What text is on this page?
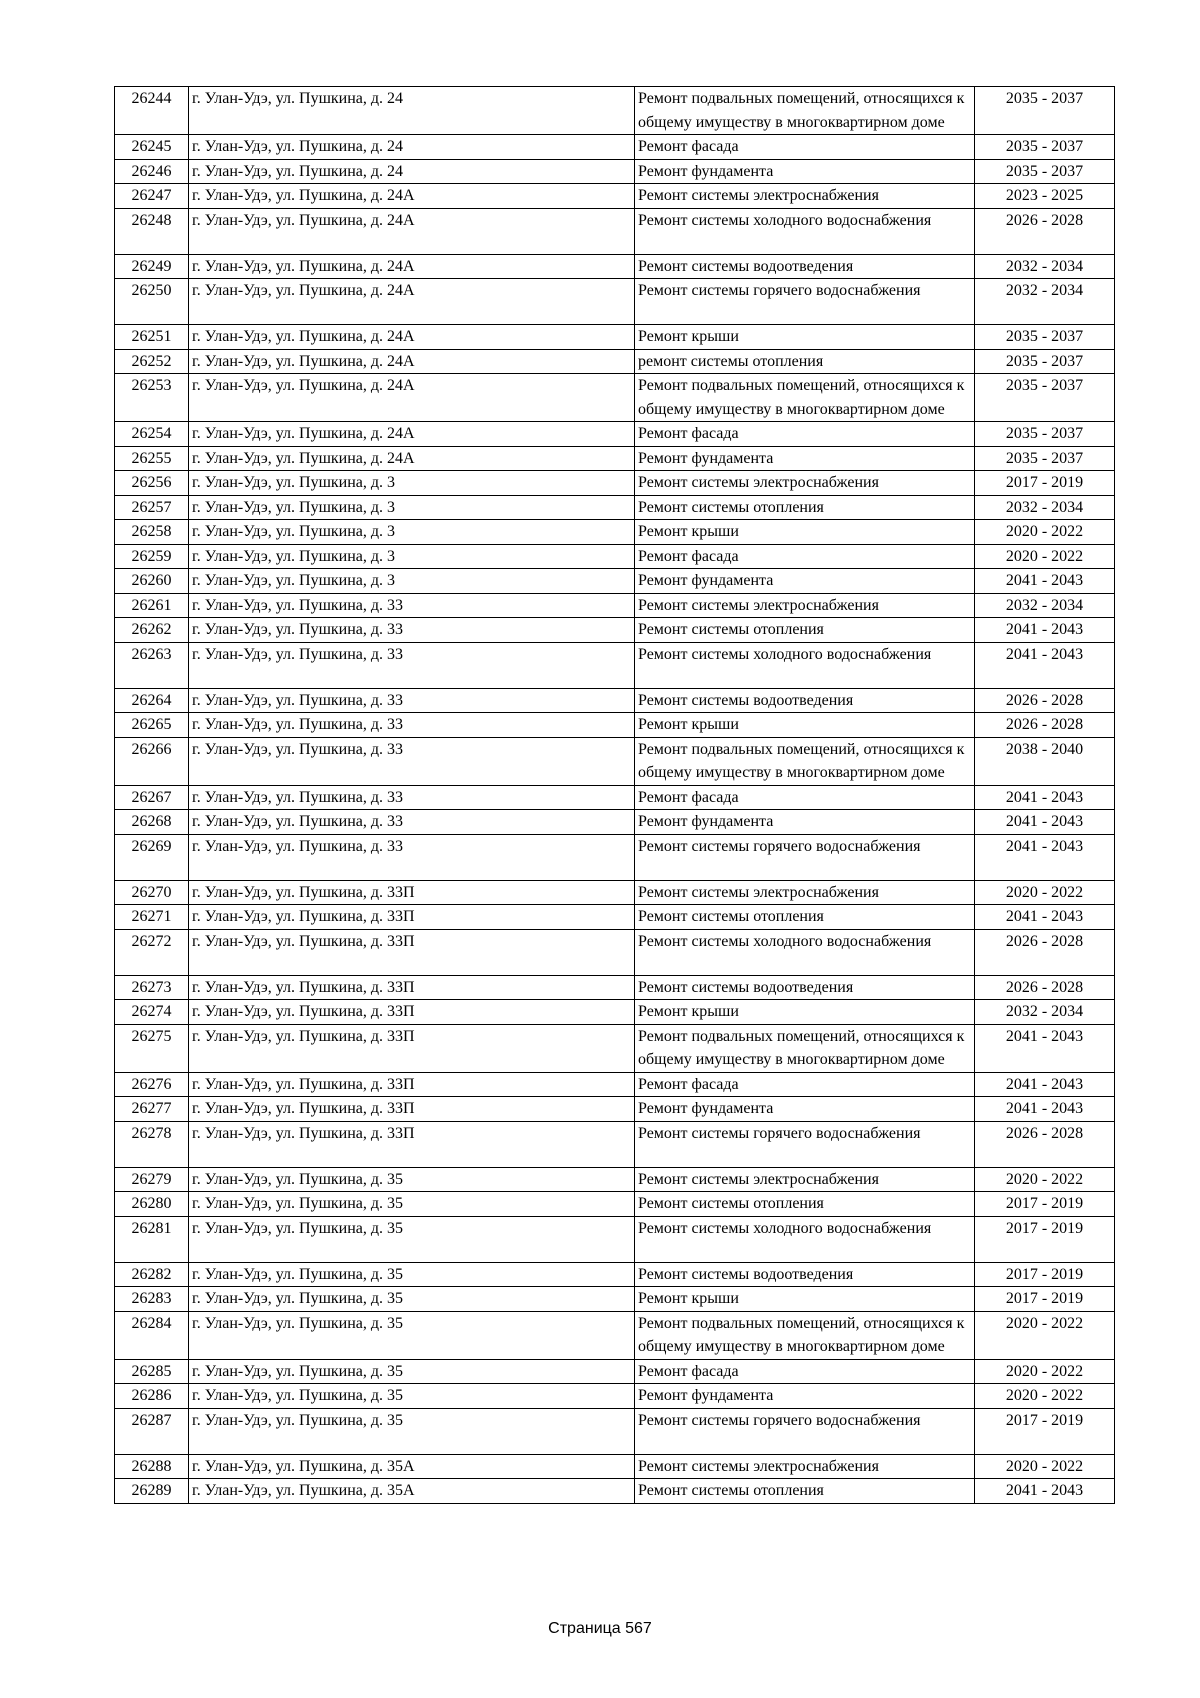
26244	г. Улан-Удэ, ул. Пушкина, д. 24	Ремонт подвальных помещений, относящихся к общему имуществу в многоквартирном доме	2035 - 2037
26245	г. Улан-Удэ, ул. Пушкина, д. 24	Ремонт фасада	2035 - 2037
26246	г. Улан-Удэ, ул. Пушкина, д. 24	Ремонт фундамента	2035 - 2037
26247	г. Улан-Удэ, ул. Пушкина, д. 24А	Ремонт системы электроснабжения	2023 - 2025
26248	г. Улан-Удэ, ул. Пушкина, д. 24А	Ремонт системы холодного водоснабжения	2026 - 2028
26249	г. Улан-Удэ, ул. Пушкина, д. 24А	Ремонт системы водоотведения	2032 - 2034
26250	г. Улан-Удэ, ул. Пушкина, д. 24А	Ремонт системы горячего водоснабжения	2032 - 2034
26251	г. Улан-Удэ, ул. Пушкина, д. 24А	Ремонт крыши	2035 - 2037
26252	г. Улан-Удэ, ул. Пушкина, д. 24А	ремонт системы отопления	2035 - 2037
26253	г. Улан-Удэ, ул. Пушкина, д. 24А	Ремонт подвальных помещений, относящихся к общему имуществу в многоквартирном доме	2035 - 2037
26254	г. Улан-Удэ, ул. Пушкина, д. 24А	Ремонт фасада	2035 - 2037
26255	г. Улан-Удэ, ул. Пушкина, д. 24А	Ремонт фундамента	2035 - 2037
26256	г. Улан-Удэ, ул. Пушкина, д. 3	Ремонт системы электроснабжения	2017 - 2019
26257	г. Улан-Удэ, ул. Пушкина, д. 3	Ремонт системы отопления	2032 - 2034
26258	г. Улан-Удэ, ул. Пушкина, д. 3	Ремонт крыши	2020 - 2022
26259	г. Улан-Удэ, ул. Пушкина, д. 3	Ремонт фасада	2020 - 2022
26260	г. Улан-Удэ, ул. Пушкина, д. 3	Ремонт фундамента	2041 - 2043
26261	г. Улан-Удэ, ул. Пушкина, д. 33	Ремонт системы электроснабжения	2032 - 2034
26262	г. Улан-Удэ, ул. Пушкина, д. 33	Ремонт системы отопления	2041 - 2043
26263	г. Улан-Удэ, ул. Пушкина, д. 33	Ремонт системы холодного водоснабжения	2041 - 2043
26264	г. Улан-Удэ, ул. Пушкина, д. 33	Ремонт системы водоотведения	2026 - 2028
26265	г. Улан-Удэ, ул. Пушкина, д. 33	Ремонт крыши	2026 - 2028
26266	г. Улан-Удэ, ул. Пушкина, д. 33	Ремонт подвальных помещений, относящихся к общему имуществу в многоквартирном доме	2038 - 2040
26267	г. Улан-Удэ, ул. Пушкина, д. 33	Ремонт фасада	2041 - 2043
26268	г. Улан-Удэ, ул. Пушкина, д. 33	Ремонт фундамента	2041 - 2043
26269	г. Улан-Удэ, ул. Пушкина, д. 33	Ремонт системы горячего водоснабжения	2041 - 2043
26270	г. Улан-Удэ, ул. Пушкина, д. 33П	Ремонт системы электроснабжения	2020 - 2022
26271	г. Улан-Удэ, ул. Пушкина, д. 33П	Ремонт системы отопления	2041 - 2043
26272	г. Улан-Удэ, ул. Пушкина, д. 33П	Ремонт системы холодного водоснабжения	2026 - 2028
26273	г. Улан-Удэ, ул. Пушкина, д. 33П	Ремонт системы водоотведения	2026 - 2028
26274	г. Улан-Удэ, ул. Пушкина, д. 33П	Ремонт крыши	2032 - 2034
26275	г. Улан-Удэ, ул. Пушкина, д. 33П	Ремонт подвальных помещений, относящихся к общему имуществу в многоквартирном доме	2041 - 2043
26276	г. Улан-Удэ, ул. Пушкина, д. 33П	Ремонт фасада	2041 - 2043
26277	г. Улан-Удэ, ул. Пушкина, д. 33П	Ремонт фундамента	2041 - 2043
26278	г. Улан-Удэ, ул. Пушкина, д. 33П	Ремонт системы горячего водоснабжения	2026 - 2028
26279	г. Улан-Удэ, ул. Пушкина, д. 35	Ремонт системы электроснабжения	2020 - 2022
26280	г. Улан-Удэ, ул. Пушкина, д. 35	Ремонт системы отопления	2017 - 2019
26281	г. Улан-Удэ, ул. Пушкина, д. 35	Ремонт системы холодного водоснабжения	2017 - 2019
26282	г. Улан-Удэ, ул. Пушкина, д. 35	Ремонт системы водоотведения	2017 - 2019
26283	г. Улан-Удэ, ул. Пушкина, д. 35	Ремонт крыши	2017 - 2019
26284	г. Улан-Удэ, ул. Пушкина, д. 35	Ремонт подвальных помещений, относящихся к общему имуществу в многоквартирном доме	2020 - 2022
26285	г. Улан-Удэ, ул. Пушкина, д. 35	Ремонт фасада	2020 - 2022
26286	г. Улан-Удэ, ул. Пушкина, д. 35	Ремонт фундамента	2020 - 2022
26287	г. Улан-Удэ, ул. Пушкина, д. 35	Ремонт системы горячего водоснабжения	2017 - 2019
26288	г. Улан-Удэ, ул. Пушкина, д. 35А	Ремонт системы электроснабжения	2020 - 2022
26289	г. Улан-Удэ, ул. Пушкина, д. 35А	Ремонт системы отопления	2041 - 2043
Страница 567
